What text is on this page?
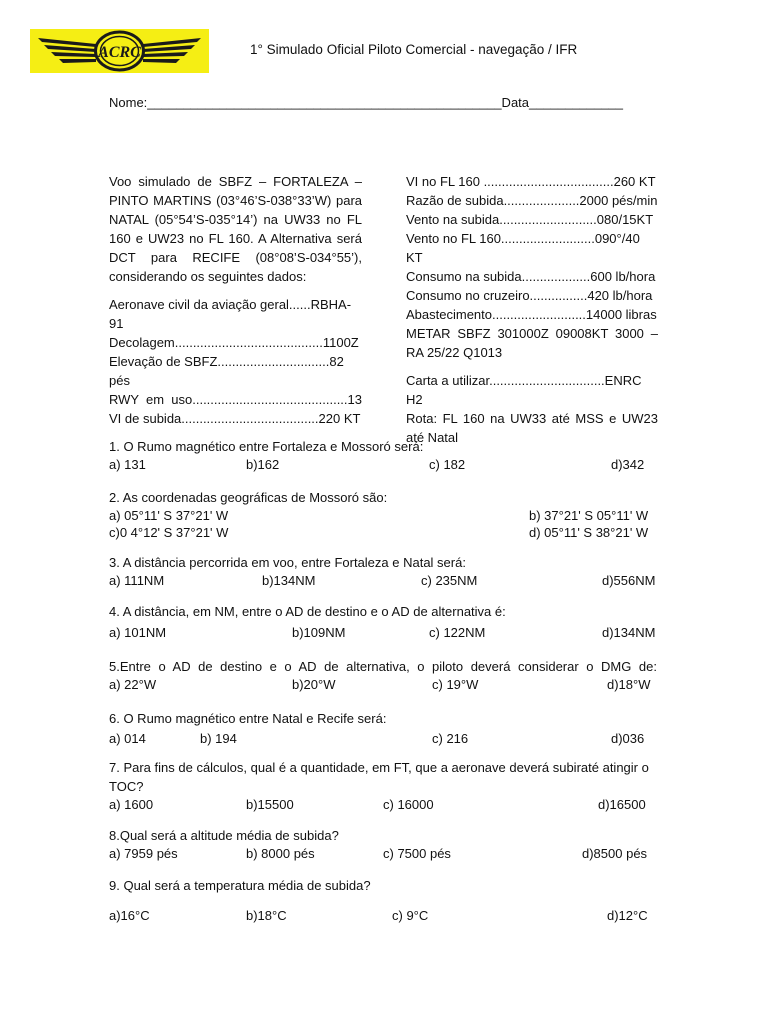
ACRC	1° Simulado Oficial Piloto Comercial - navegação / IFR
Nome:_________________________________________________Data_____________

Voo simulado de SBFZ – FORTALEZA – PINTO MARTINS (03°46’S-038°33’W) para NATAL (05°54’S-035°14’) na UW33 no FL 160 e UW23 no FL 160. A Alternativa será DCT para RECIFE (08°08’S-034°55’), considerando os seguintes dados:

Aeronave civil da aviação geral......RBHA-91

Decolagem.........................................1100Z

Elevação de SBFZ...............................82 pés

RWY em uso...........................................13

VI de subida......................................220 KT

VI no FL 160 ....................................260 KT

Razão de subida.....................2000 pés/min

Vento na subida...........................080/15KT

Vento no FL 160..........................090°/40 KT

Consumo na subida...................600 lb/hora

Consumo no cruzeiro................420 lb/hora

Abastecimento..........................14000 libras

METAR SBFZ 301000Z 09008KT 3000 –RA 25/22 Q1013

Carta a utilizar................................ENRC H2

Rota: FL 160 na UW33 até MSS e UW23 até Natal

1. O Rumo magnético entre Fortaleza e Mossoró será:
a) 131	b)162	c) 182	d)342
2. As coordenadas geográficas de Mossoró são:
a) 05°11' S 37°21' W	b) 37°21' S 05°11' W
c)0 4°12' S 37°21' W	d) 05°11' S 38°21' W
3. A distância percorrida em voo, entre Fortaleza e Natal será:
a) 111NM	b)134NM	c) 235NM	d)556NM
4. A distância, em NM, entre o AD de destino e o AD de alternativa é:
a) 101NM	b)109NM	c) 122NM	d)134NM
5.Entre o AD de destino e o AD de alternativa, o piloto deverá considerar o DMG de:
a) 22°W	b)20°W	c) 19°W	d)18°W
6. O Rumo magnético entre Natal e Recife será:
a) 014	b) 194	c) 216	d)036
7. Para fins de cálculos, qual é a quantidade, em FT, que a aeronave deverá subiraté atingir o TOC?
a) 1600	b)15500	c) 16000	d)16500
8.Qual será a altitude média de subida?
a) 7959 pés	b) 8000 pés	c) 7500 pés	d)8500 pés
9. Qual será a temperatura média de subida?
a)16°C	b)18°C	c) 9°C	d)12°C
